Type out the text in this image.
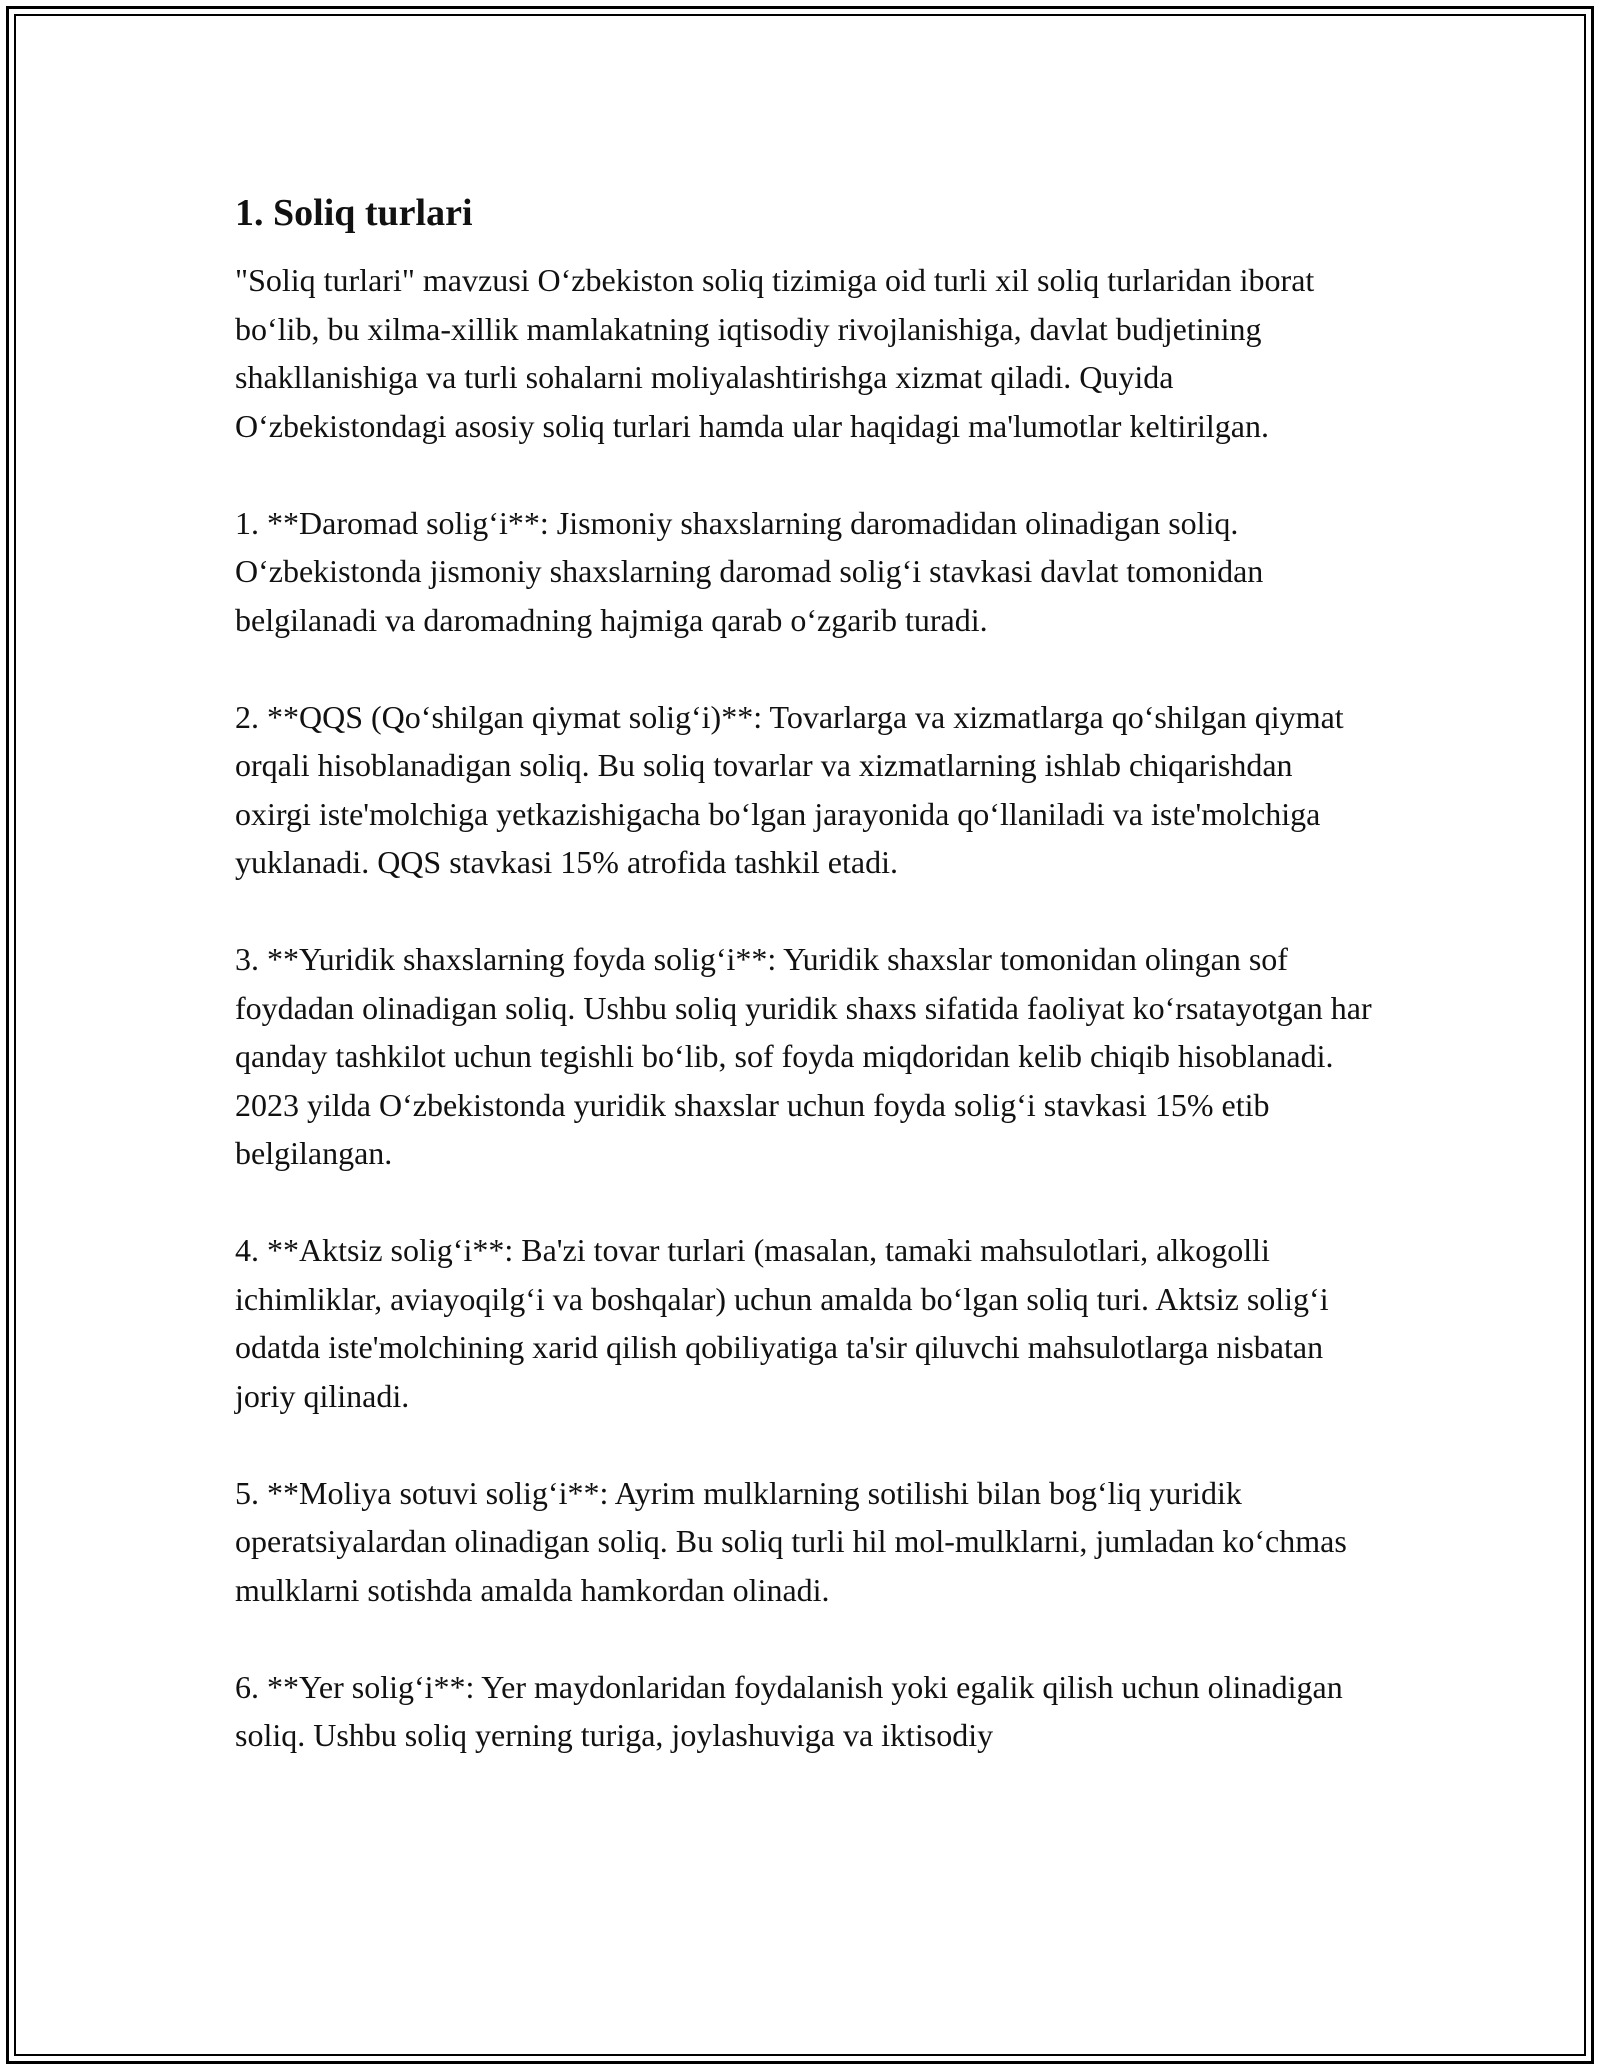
1. Soliq turlari

"Soliq turlari" mavzusi O‘zbekiston soliq tizimiga oid turli xil soliq turlaridan iborat bo‘lib, bu xilma-xillik mamlakatning iqtisodiy rivojlanishiga, davlat budjetining shakllanishiga va turli sohalarni moliyalashtirishga xizmat qiladi. Quyida O‘zbekistondagi asosiy soliq turlari hamda ular haqidagi ma'lumotlar keltirilgan.

1. **Daromad solig‘i**: Jismoniy shaxslarning daromadidan olinadigan soliq. O‘zbekistonda jismoniy shaxslarning daromad solig‘i stavkasi davlat tomonidan belgilanadi va daromadning hajmiga qarab o‘zgarib turadi.

2. **QQS (Qo‘shilgan qiymat solig‘i)**: Tovarlarga va xizmatlarga qo‘shilgan qiymat orqali hisoblanadigan soliq. Bu soliq tovarlar va xizmatlarning ishlab chiqarishdan oxirgi iste'molchiga yetkazishigacha bo‘lgan jarayonida qo‘llaniladi va iste'molchiga yuklanadi. QQS stavkasi 15% atrofida tashkil etadi.

3. **Yuridik shaxslarning foyda solig‘i**: Yuridik shaxslar tomonidan olingan sof foydadan olinadigan soliq. Ushbu soliq yuridik shaxs sifatida faoliyat ko‘rsatayotgan har qanday tashkilot uchun tegishli bo‘lib, sof foyda miqdoridan kelib chiqib hisoblanadi. 2023 yilda O‘zbekistonda yuridik shaxslar uchun foyda solig‘i stavkasi 15% etib belgilangan.

4. **Aktsiz solig‘i**: Ba'zi tovar turlari (masalan, tamaki mahsulotlari, alkogolli ichimliklar, aviayoqilg‘i va boshqalar) uchun amalda bo‘lgan soliq turi. Aktsiz solig‘i odatda iste'molchining xarid qilish qobiliyatiga ta'sir qiluvchi mahsulotlarga nisbatan joriy qilinadi.

5. **Moliya sotuvi solig‘i**: Ayrim mulklarning sotilishi bilan bog‘liq yuridik operatsiyalardan olinadigan soliq. Bu soliq turli hil mol-mulklarni, jumladan ko‘chmas mulklarni sotishda amalda hamkordan olinadi.

6. **Yer solig‘i**: Yer maydonlaridan foydalanish yoki egalik qilish uchun olinadigan soliq. Ushbu soliq yerning turiga, joylashuviga va iktisodiy
